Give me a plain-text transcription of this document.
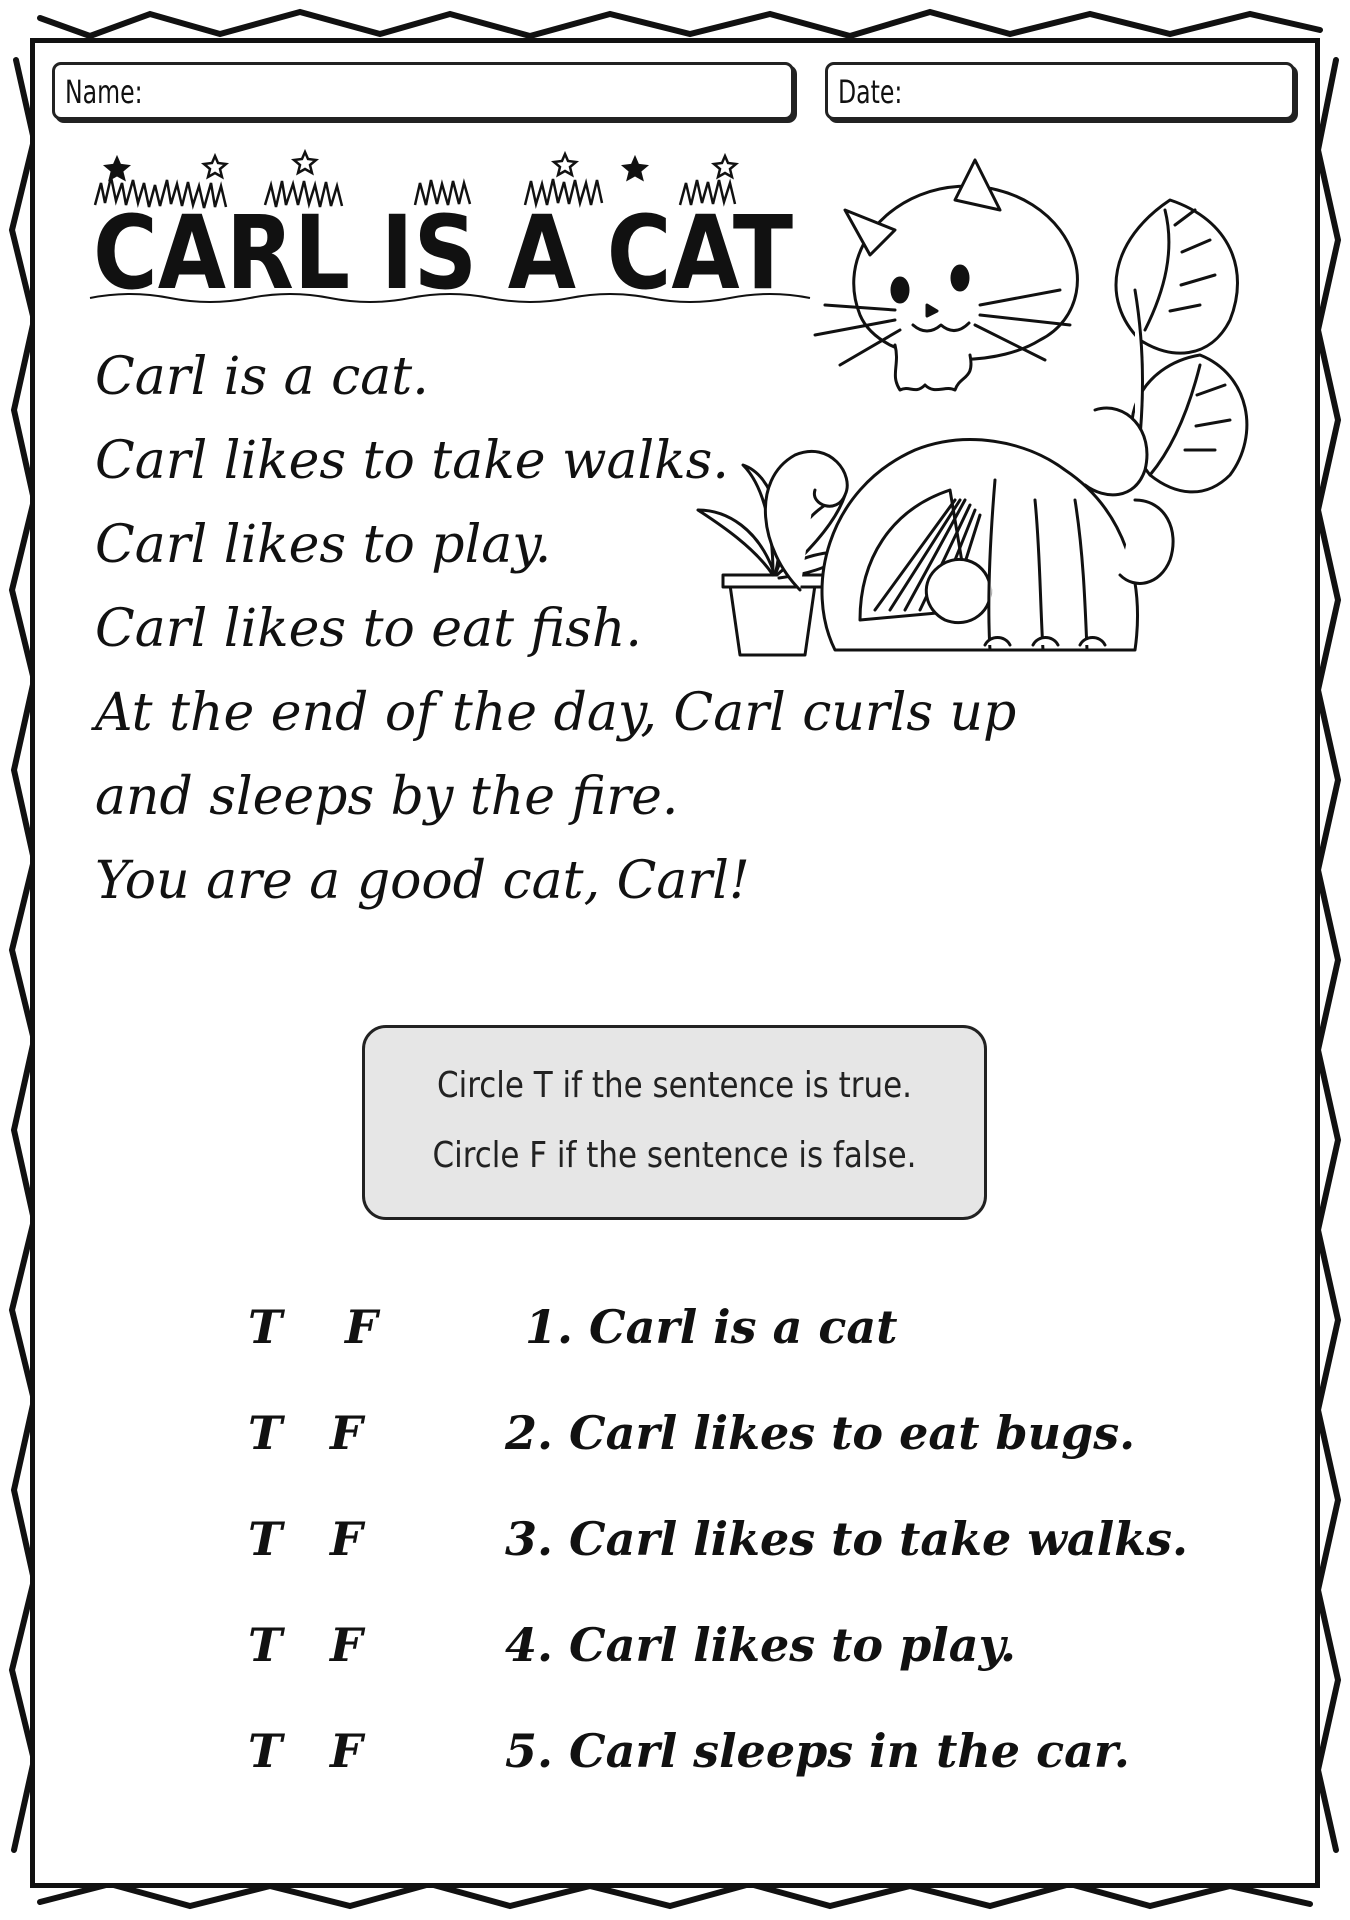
Name:	Date:
CARL IS A CAT
Carl is a cat.
Carl likes to take walks.
Carl likes to play.
Carl likes to eat fish.
At the end of the day, Carl curls up
and sleeps by the fire.
You are a good cat, Carl!
Circle T if the sentence is true.
Circle F if the sentence is false.
T F	1. Carl is a cat
T F	2. Carl likes to eat bugs.
T F	3. Carl likes to take walks.
T F	4. Carl likes to play.
T F	5. Carl sleeps in the car.
